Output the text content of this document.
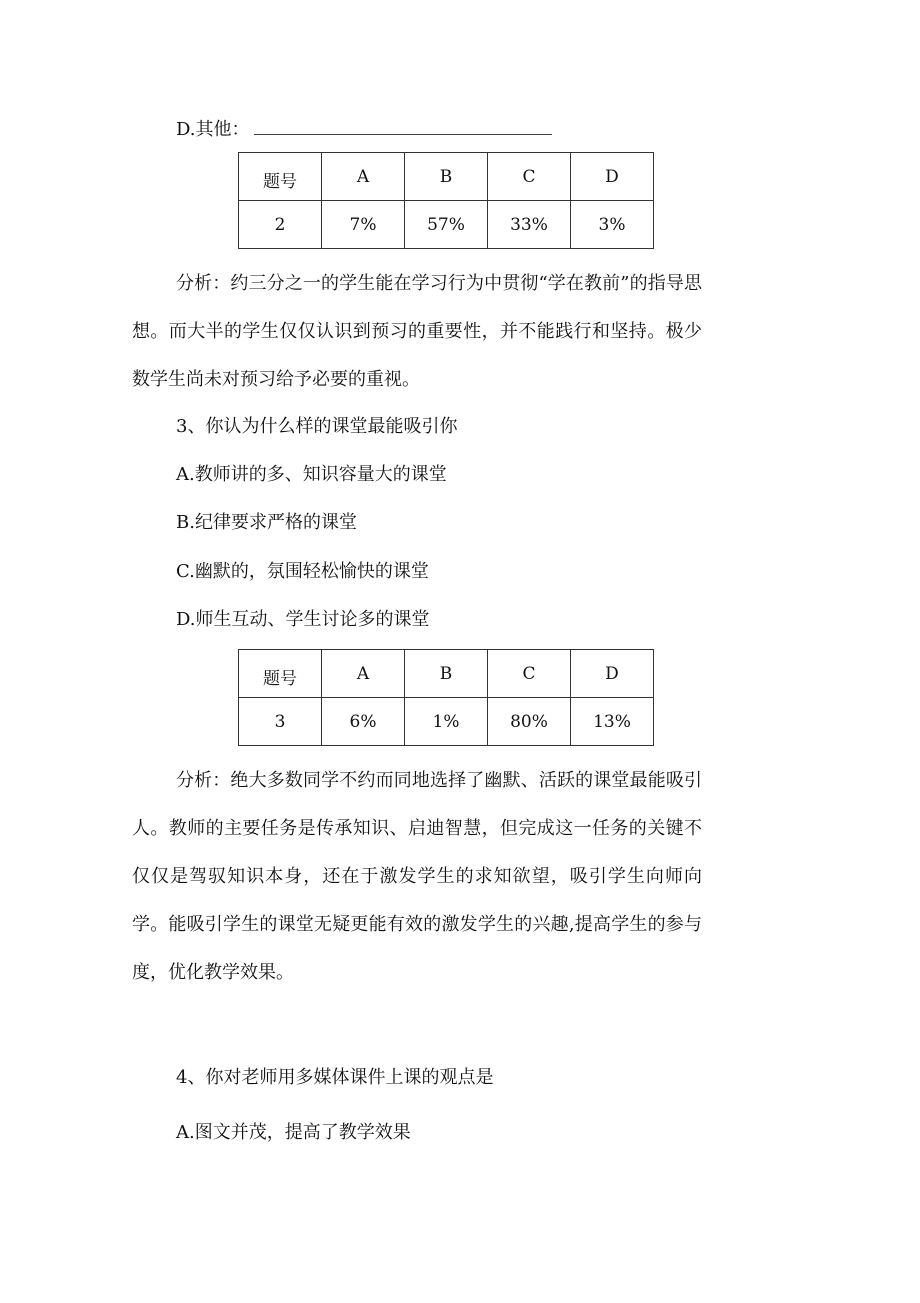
D.其他：
题号	A	B	C	D
2	7%	57%	33%	3%
分析：约三分之一的学生能在学习行为中贯彻“学在教前”的指导思想。而大半的学生仅仅认识到预习的重要性，并不能践行和坚持。极少数学生尚未对预习给予必要的重视。
3、你认为什么样的课堂最能吸引你
A.教师讲的多、知识容量大的课堂
B.纪律要求严格的课堂
C.幽默的，氛围轻松愉快的课堂
D.师生互动、学生讨论多的课堂
题号	A	B	C	D
3	6%	1%	80%	13%
分析：绝大多数同学不约而同地选择了幽默、活跃的课堂最能吸引人。教师的主要任务是传承知识、启迪智慧，但完成这一任务的关键不仅仅是驾驭知识本身，还在于激发学生的求知欲望，吸引学生向师向学。能吸引学生的课堂无疑更能有效的激发学生的兴趣,提高学生的参与度，优化教学效果。
4、你对老师用多媒体课件上课的观点是
A.图文并茂，提高了教学效果
